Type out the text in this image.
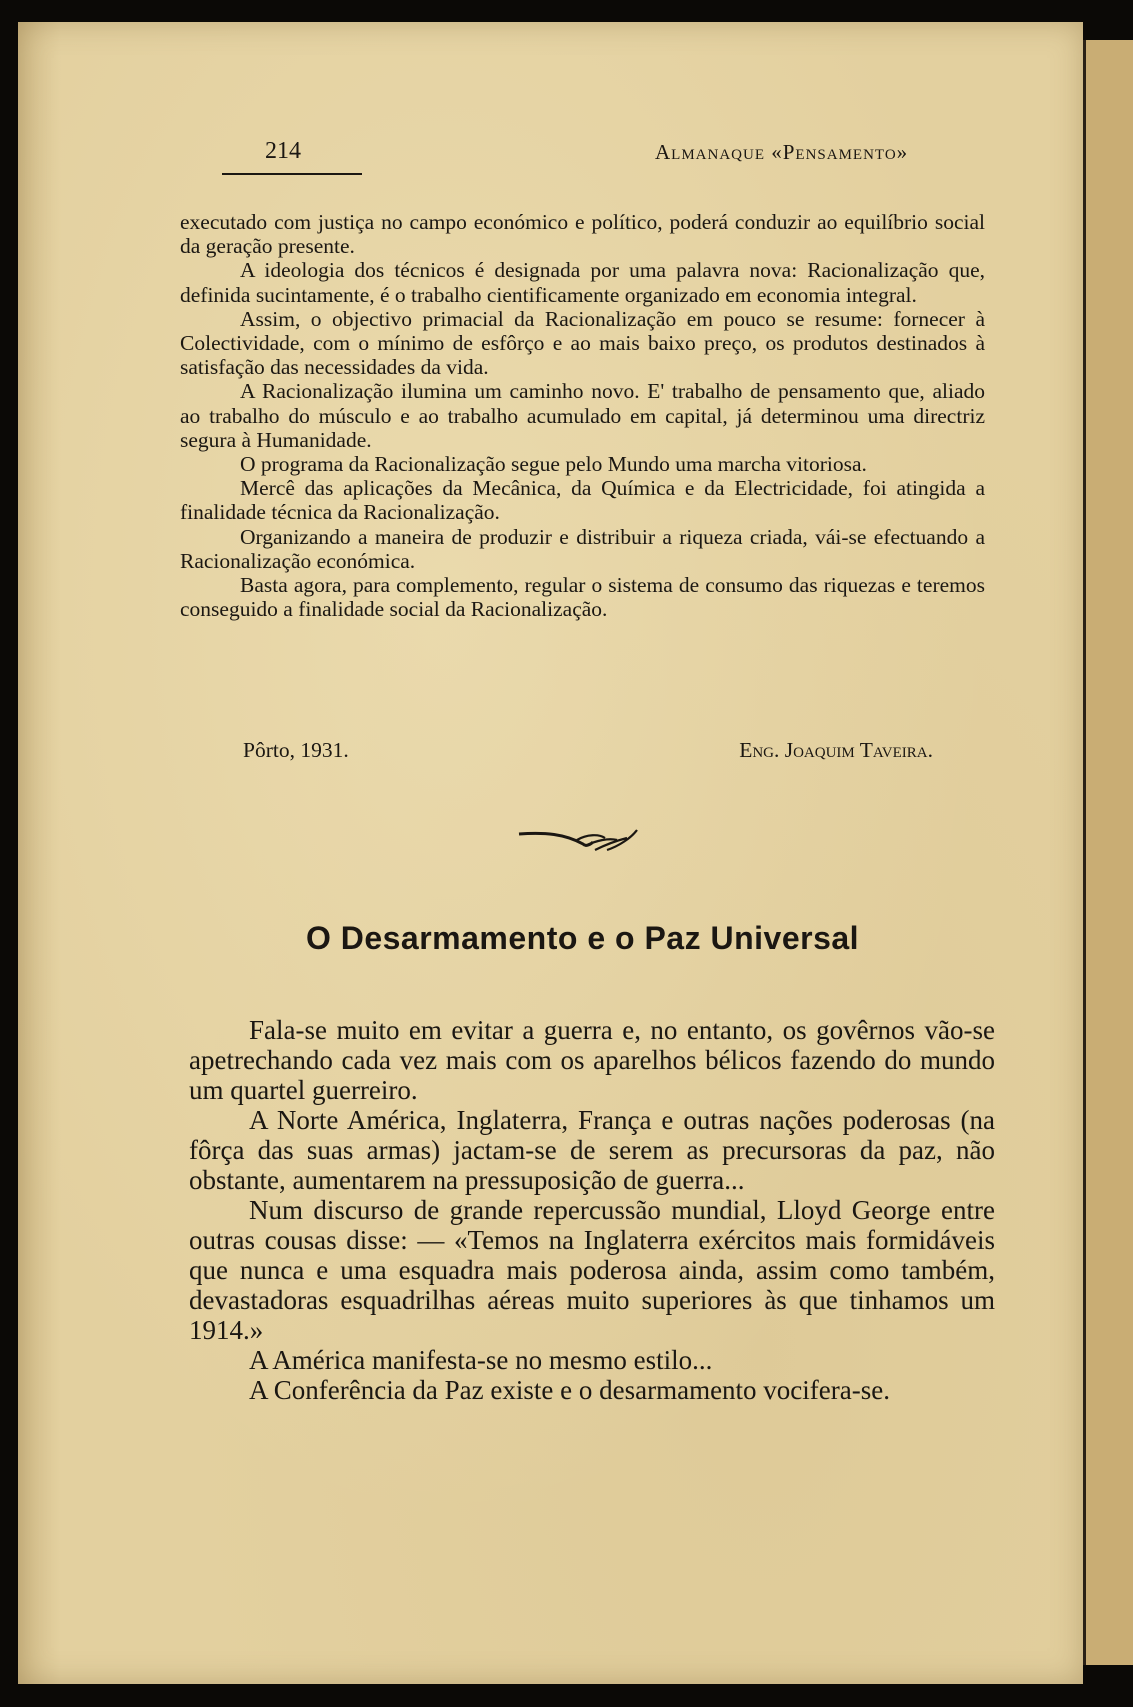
214	Almanaque «Pensamento»

executado com justiça no campo económico e político, poderá conduzir ao equilíbrio social da geração presente.

A ideologia dos técnicos é designada por uma palavra nova: Racionalização que, definida sucintamente, é o trabalho cientificamente organizado em economia integral.

Assim, o objectivo primacial da Racionalização em pouco se resume: fornecer à Colectividade, com o mínimo de esfôrço e ao mais baixo preço, os produtos destinados à satisfação das necessidades da vida.

A Racionalização ilumina um caminho novo. E' trabalho de pensamento que, aliado ao trabalho do músculo e ao trabalho acumulado em capital, já determinou uma directriz segura à Humanidade.

O programa da Racionalização segue pelo Mundo uma marcha vitoriosa.

Mercê das aplicações da Mecânica, da Química e da Electricidade, foi atingida a finalidade técnica da Racionalização.

Organizando a maneira de produzir e distribuir a riqueza criada, vái-se efectuando a Racionalização económica.

Basta agora, para complemento, regular o sistema de consumo das riquezas e teremos conseguido a finalidade social da Racionalização.

Pôrto, 1931.	Eng. Joaquim Taveira.
O Desarmamento e o Paz Universal

Fala-se muito em evitar a guerra e, no entanto, os govêrnos vão-se apetrechando cada vez mais com os aparelhos bélicos fazendo do mundo um quartel guerreiro.

A Norte América, Inglaterra, França e outras nações poderosas (na fôrça das suas armas) jactam-se de serem as precursoras da paz, não obstante, aumentarem na pressuposição de guerra...

Num discurso de grande repercussão mundial, Lloyd George entre outras cousas disse: — «Temos na Inglaterra exércitos mais formidáveis que nunca e uma esquadra mais poderosa ainda, assim como também, devastadoras esquadrilhas aéreas muito superiores às que tinhamos um 1914.»

A América manifesta-se no mesmo estilo...

A Conferência da Paz existe e o desarmamento vocifera-se.
